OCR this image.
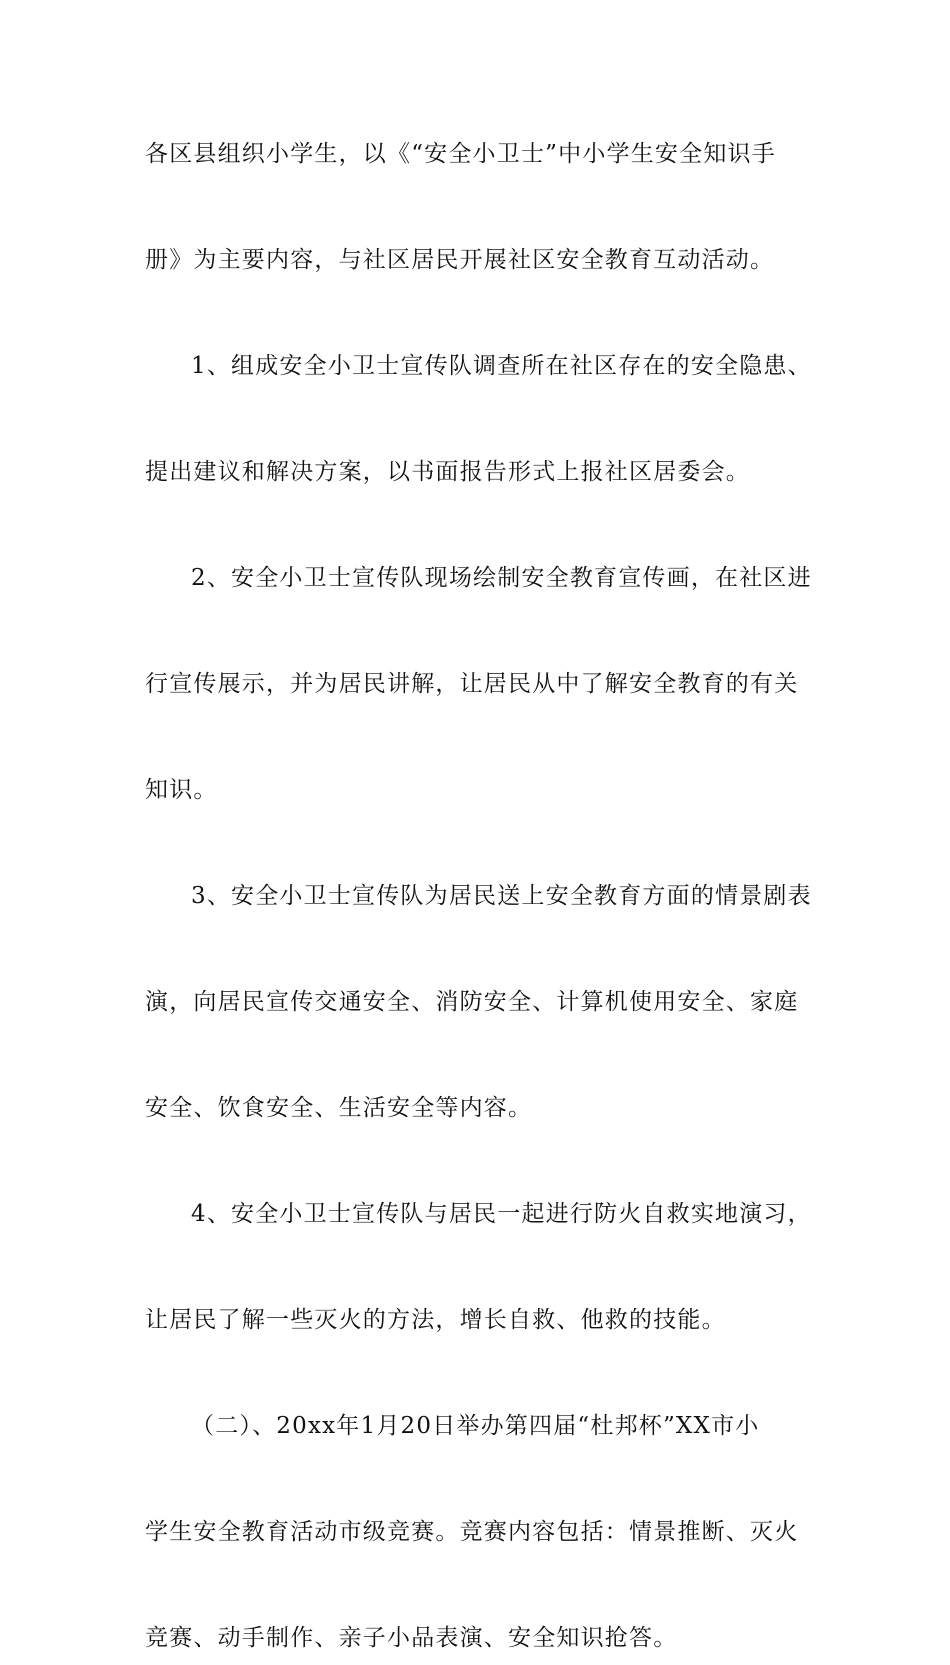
各区县组织小学生，以《“安全小卫士”中小学生安全知识手
册》为主要内容，与社区居民开展社区安全教育互动活动。
1、组成安全小卫士宣传队调查所在社区存在的安全隐患、
提出建议和解决方案，以书面报告形式上报社区居委会。
2、安全小卫士宣传队现场绘制安全教育宣传画，在社区进
行宣传展示，并为居民讲解，让居民从中了解安全教育的有关
知识。
3、安全小卫士宣传队为居民送上安全教育方面的情景剧表
演，向居民宣传交通安全、消防安全、计算机使用安全、家庭
安全、饮食安全、生活安全等内容。
4、安全小卫士宣传队与居民一起进行防火自救实地演习，
让居民了解一些灭火的方法，增长自救、他救的技能。
（二）、20xx年1月20日举办第四届“杜邦杯”XX市小
学生安全教育活动市级竞赛。竞赛内容包括：情景推断、灭火
竞赛、动手制作、亲子小品表演、安全知识抢答。
